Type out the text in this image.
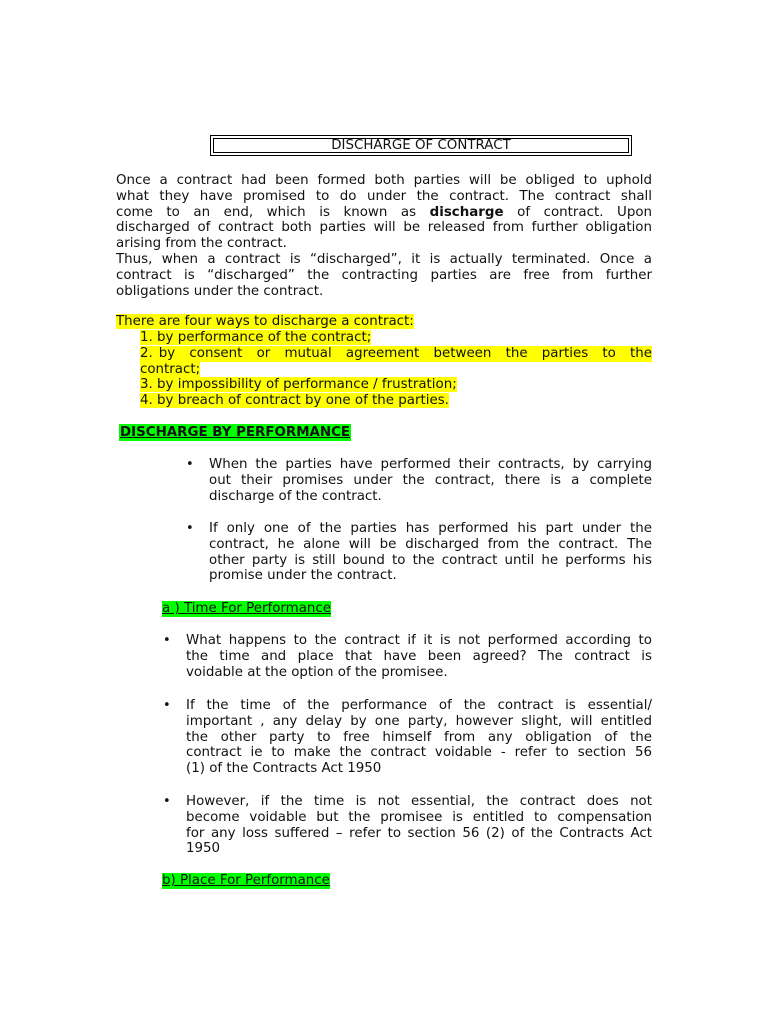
DISCHARGE OF CONTRACT
Once a contract had been formed both parties will be obliged to uphold
what they have promised to do under the contract. The contract shall
come to an end, which is known as discharge of contract. Upon
discharged of contract both parties will be released from further obligation
arising from the contract.
Thus, when a contract is “discharged”, it is actually terminated. Once a
contract is “discharged” the contracting parties are free from further
obligations under the contract.
There are four ways to discharge a contract:
1. by performance of the contract;
2. by consent or mutual agreement between the parties to the
contract;
3. by impossibility of performance / frustration;
4. by breach of contract by one of the parties.
DISCHARGE BY PERFORMANCE
• When the parties have performed their contracts, by carrying
out their promises under the contract, there is a complete
discharge of the contract.
• If only one of the parties has performed his part under the
contract, he alone will be discharged from the contract. The
other party is still bound to the contract until he performs his
promise under the contract.
a ) Time For Performance
• What happens to the contract if it is not performed according to
the time and place that have been agreed? The contract is
voidable at the option of the promisee.
• If the time of the performance of the contract is essential/
important , any delay by one party, however slight, will entitled
the other party to free himself from any obligation of the
contract ie to make the contract voidable - refer to section 56
(1) of the Contracts Act 1950
• However, if the time is not essential, the contract does not
become voidable but the promisee is entitled to compensation
for any loss suffered – refer to section 56 (2) of the Contracts Act
1950
b) Place For Performance
